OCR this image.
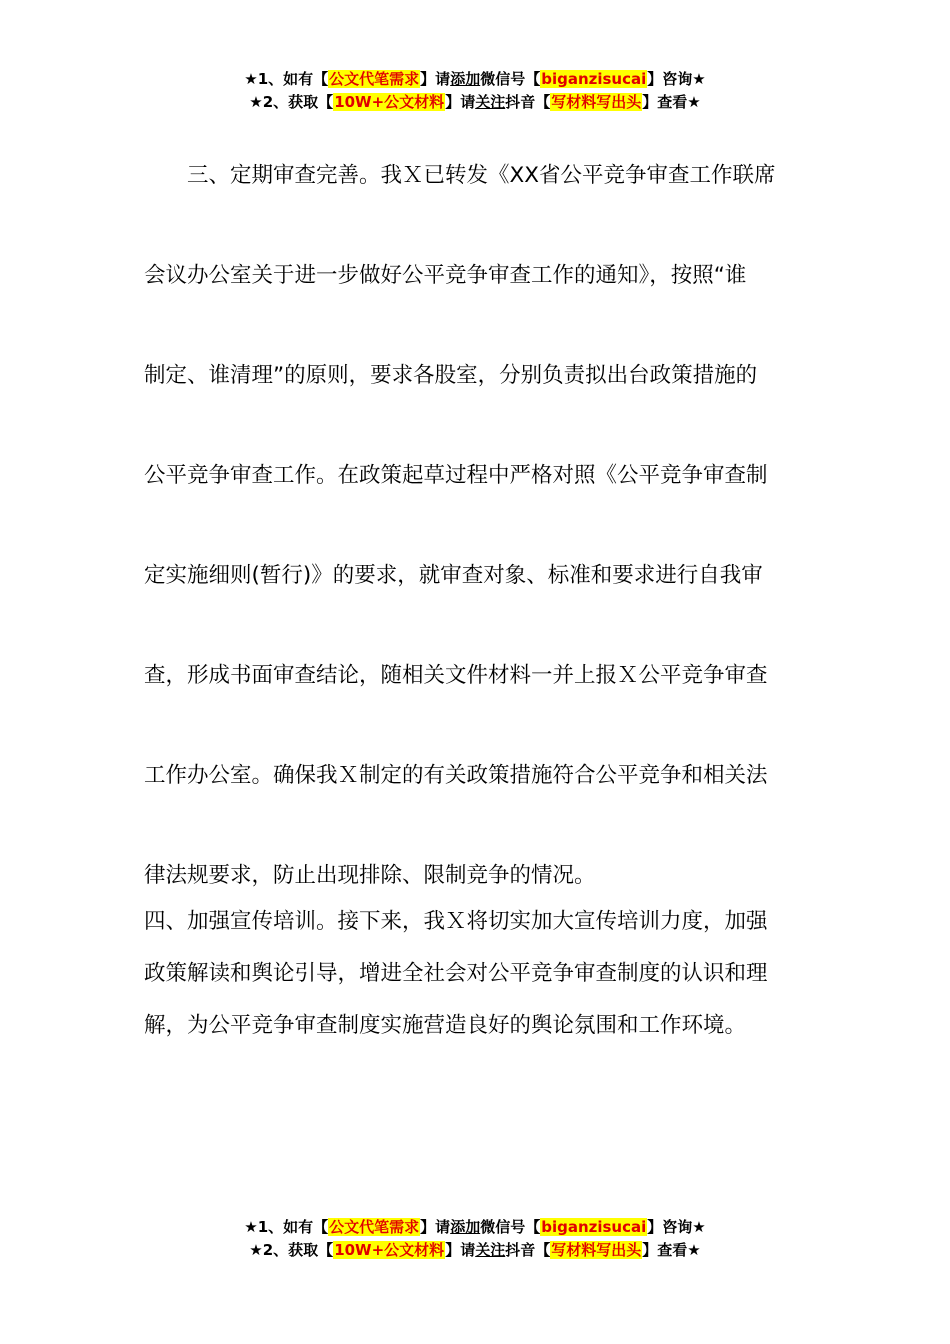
★1、如有【公文代笔需求】请添加微信号【biganzisucai】咨询★
★2、获取【10W+公文材料】请关注抖音【写材料写出头】查看★
三、定期审查完善。我Ｘ已转发《XX省公平竞争审查工作联席
会议办公室关于进一步做好公平竞争审查工作的通知》，按照“谁
制定、谁清理”的原则，要求各股室，分别负责拟出台政策措施的
公平竞争审查工作。在政策起草过程中严格对照《公平竞争审查制
定实施细则(暂行)》的要求，就审查对象、标准和要求进行自我审
查，形成书面审查结论，随相关文件材料一并上报Ｘ公平竞争审查
工作办公室。确保我Ｘ制定的有关政策措施符合公平竞争和相关法
律法规要求，防止出现排除、限制竞争的情况。
四、加强宣传培训。接下来，我Ｘ将切实加大宣传培训力度，加强
政策解读和舆论引导，增进全社会对公平竞争审查制度的认识和理
解，为公平竞争审查制度实施营造良好的舆论氛围和工作环境。
★1、如有【公文代笔需求】请添加微信号【biganzisucai】咨询★
★2、获取【10W+公文材料】请关注抖音【写材料写出头】查看★
